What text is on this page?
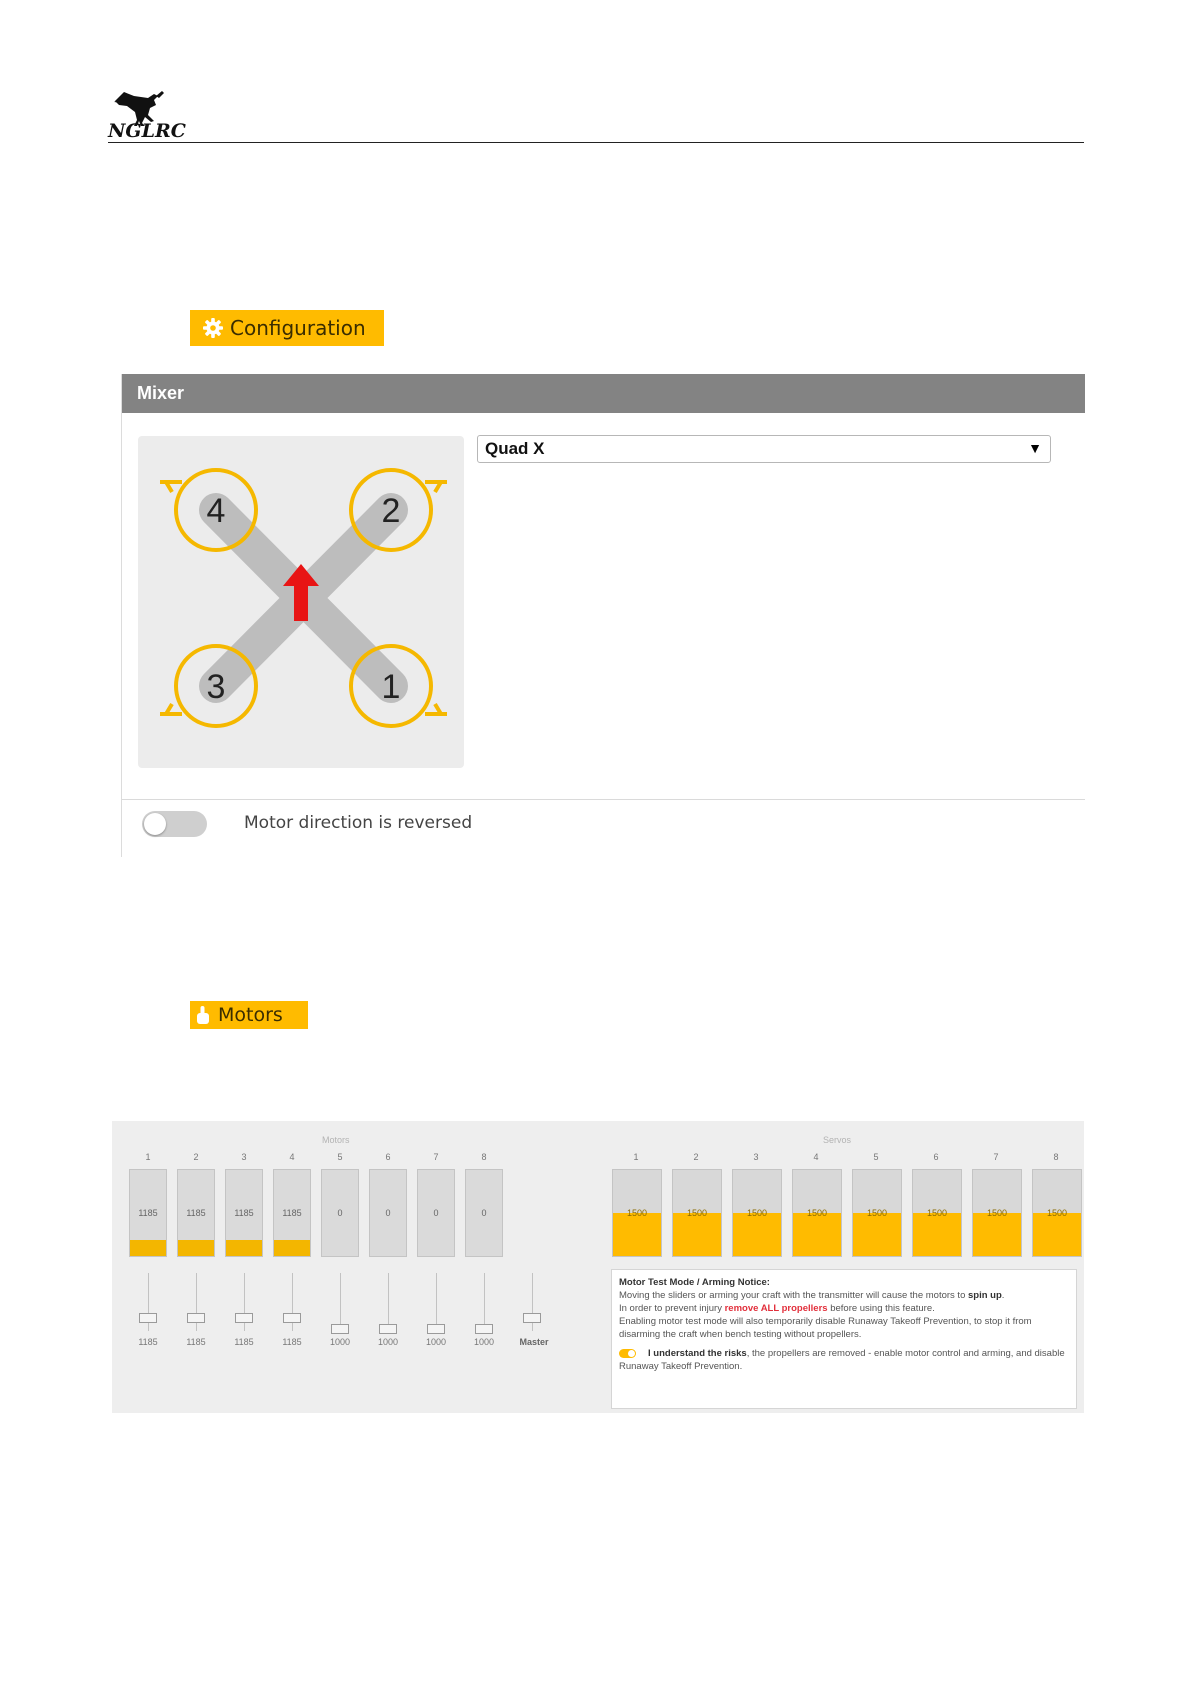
NGLRC
Configuration
Mixer
4	2
3	1
Quad X	▼
Motor direction is reversed
Motors
Motors	Servos
1	2	3	4	5	6	7	8
1185	1185	1185	1185	0	0	0	0
1185	1185	1185	1185	1000	1000	1000	1000	Master
1	2	3	4	5	6	7	8
1500	1500	1500	1500	1500	1500	1500	1500
Motor Test Mode / Arming Notice:
Moving the sliders or arming your craft with the transmitter will cause the motors to spin up.
In order to prevent injury remove ALL propellers before using this feature.
Enabling motor test mode will also temporarily disable Runaway Takeoff Prevention, to stop it from disarming the craft when bench testing without propellers.
I understand the risks, the propellers are removed - enable motor control and arming, and disable Runaway Takeoff Prevention.
